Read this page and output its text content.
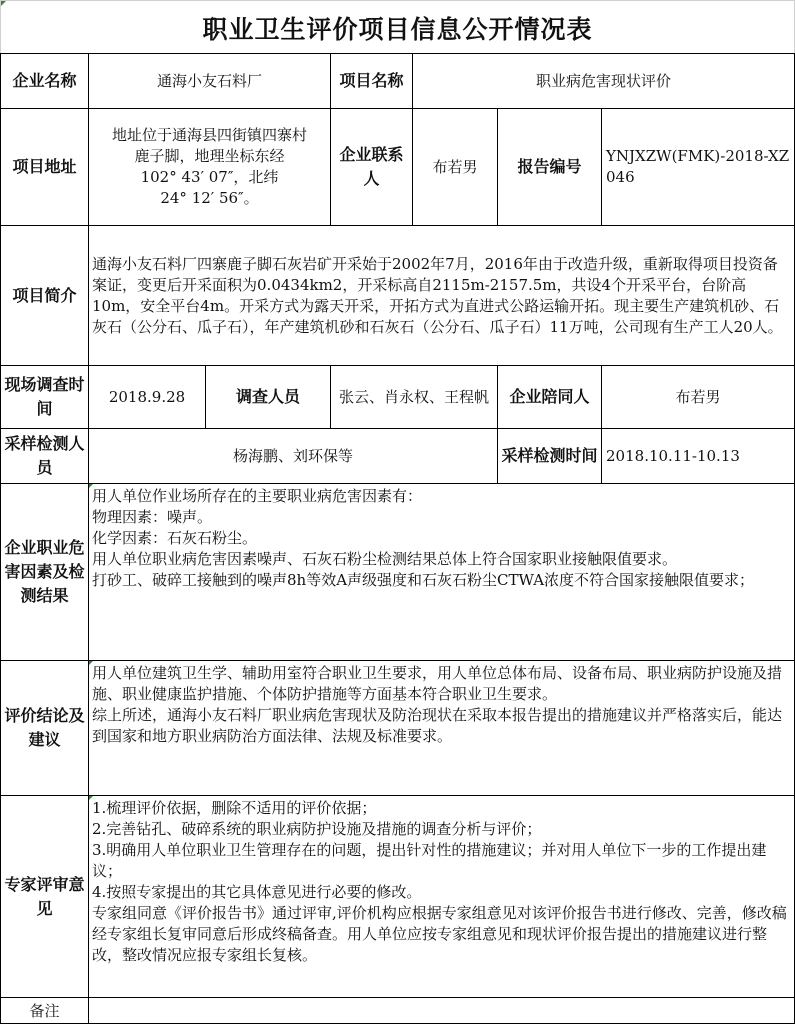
职业卫生评价项目信息公开情况表
企业名称	通海小友石料厂		项目名称	职业病危害现状评价		
项目地址	地址位于通海县四街镇四寨村
鹿子脚，地理坐标东经
102° 43′ 07″，北纬
24° 12′ 56″。		企业联系人	布若男	报告编号	YNJXZW(FMK)-2018-XZ046
项目简介	通海小友石料厂四寨鹿子脚石灰岩矿开采始于2002年7月，2016年由于改造升级，重新取得项目投资备案证，变更后开采面积为0.0434km2，开采标高自2115m-2157.5m，共设4个开采平台，台阶高10m，安全平台4m。开采方式为露天开采，开拓方式为直进式公路运输开拓。现主要生产建筑机砂、石灰石（公分石、瓜子石），年产建筑机砂和石灰石（公分石、瓜子石）11万吨，公司现有生产工人20人。					
现场调查时间	2018.9.28	调查人员	张云、肖永权、王程帆		企业陪同人	布若男
采样检测人员	杨海鹏、刘环保等				采样检测时间	2018.10.11-10.13
企业职业危害因素及检测结果	用人单位作业场所存在的主要职业病危害因素有：
物理因素：噪声。
化学因素：石灰石粉尘。
用人单位职业病危害因素噪声、石灰石粉尘检测结果总体上符合国家职业接触限值要求。
打砂工、破碎工接触到的噪声8h等效A声级强度和石灰石粉尘CTWA浓度不符合国家接触限值要求；					

评价结论及建议	用人单位建筑卫生学、辅助用室符合职业卫生要求，用人单位总体布局、设备布局、职业病防护设施及措施、职业健康监护措施、个体防护措施等方面基本符合职业卫生要求。
综上所述，通海小友石料厂职业病危害现状及防治现状在采取本报告提出的措施建议并严格落实后，能达到国家和地方职业病防治方面法律、法规及标准要求。					

专家评审意见	1.梳理评价依据，删除不适用的评价依据；
2.完善钻孔、破碎系统的职业病防护设施及措施的调查分析与评价；
3.明确用人单位职业卫生管理存在的问题，提出针对性的措施建议；并对用人单位下一步的工作提出建议；
4.按照专家提出的其它具体意见进行必要的修改。
专家组同意《评价报告书》通过评审,评价机构应根据专家组意见对该评价报告书进行修改、完善，修改稿经专家组长复审同意后形成终稿备查。用人单位应按专家组意见和现状评价报告提出的措施建议进行整改，整改情况应报专家组长复核。					

备注						
